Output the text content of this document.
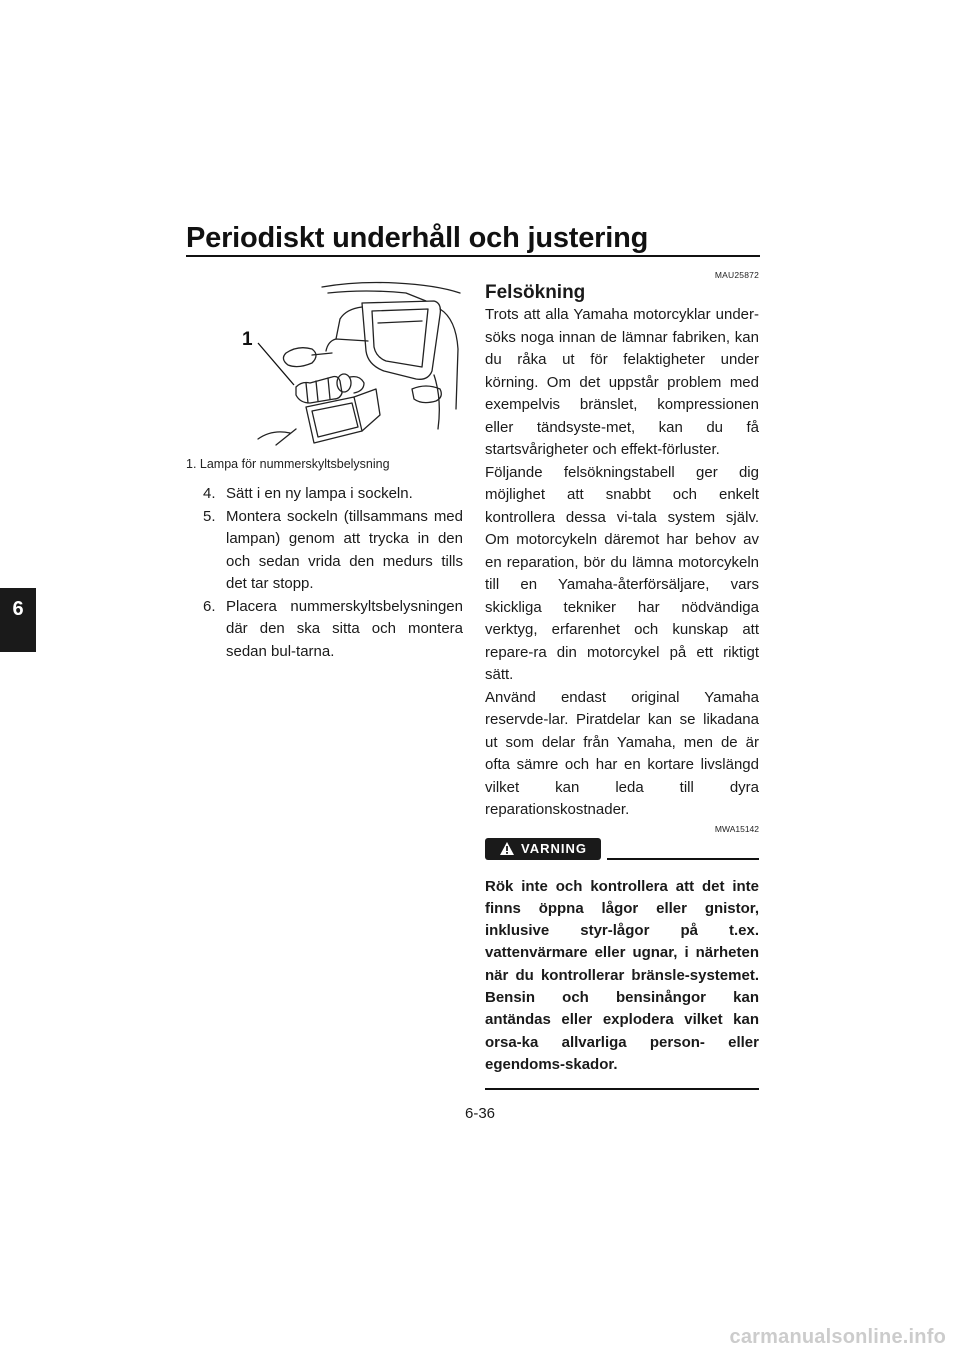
Periodiskt underhåll och justering
6
1
1. Lampa för nummerskyltsbelysning
4. Sätt i en ny lampa i sockeln.
5. Montera sockeln (tillsammans med lampan) genom att trycka in den och sedan vrida den medurs tills det tar stopp.
6. Placera nummerskyltsbelysningen där den ska sitta och montera sedan bul-tarna.
MAU25872
Felsökning

Trots att alla Yamaha motorcyklar under-söks noga innan de lämnar fabriken, kan du råka ut för felaktigheter under körning. Om det uppstår problem med exempelvis bränslet, kompressionen eller tändsyste-met, kan du få startsvårigheter och effekt-förluster.

Följande felsökningstabell ger dig möjlighet att snabbt och enkelt kontrollera dessa vi-tala system själv. Om motorcykeln däremot har behov av en reparation, bör du lämna motorcykeln till en Yamaha-återförsäljare, vars skickliga tekniker har nödvändiga verktyg, erfarenhet och kunskap att repare-ra din motorcykel på ett riktigt sätt.

Använd endast original Yamaha reservde-lar. Piratdelar kan se likadana ut som delar från Yamaha, men de är ofta sämre och har en kortare livslängd vilket kan leda till dyra reparationskostnader.

MWA15142
VARNING

Rök inte och kontrollera att det inte finns öppna lågor eller gnistor, inklusive styr-lågor på t.ex. vattenvärmare eller ugnar, i närheten när du kontrollerar bränsle-systemet. Bensin och bensinångor kan antändas eller explodera vilket kan orsa-ka allvarliga person- eller egendoms-skador.

6-36
carmanualsonline.info
